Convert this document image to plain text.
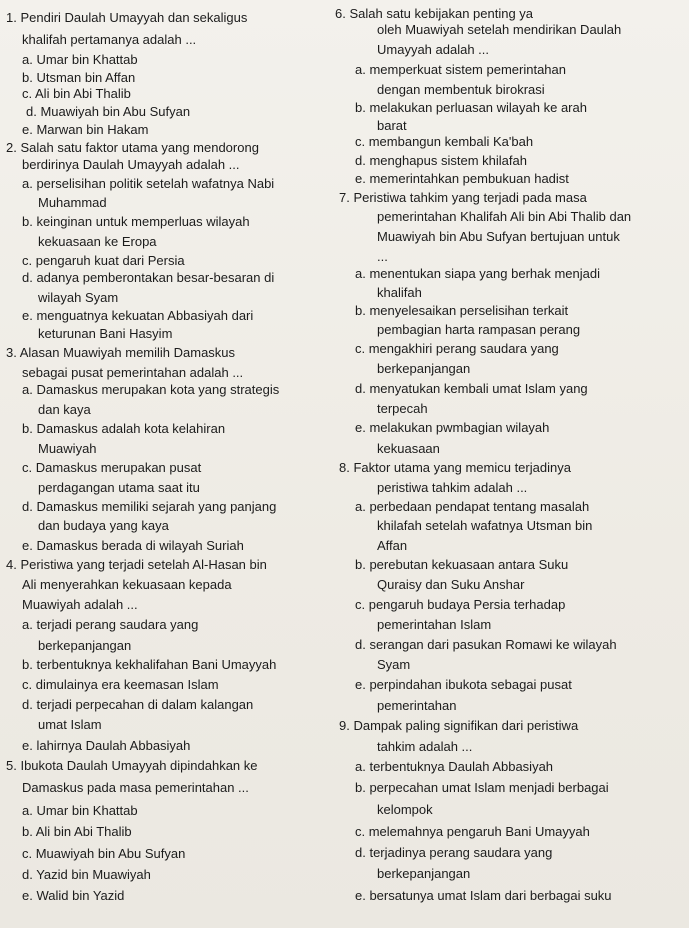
1. Pendiri Daulah Umayyah dan sekaligus
khalifah pertamanya adalah ...
a. Umar bin Khattab
b. Utsman bin Affan
c. Ali bin Abi Thalib
d. Muawiyah bin Abu Sufyan
e. Marwan bin Hakam
2. Salah satu faktor utama yang mendorong
berdirinya Daulah Umayyah adalah ...
a. perselisihan politik setelah wafatnya Nabi
Muhammad
b. keinginan untuk memperluas wilayah
kekuasaan ke Eropa
c. pengaruh kuat dari Persia
d. adanya pemberontakan besar-besaran di
wilayah Syam
e. menguatnya kekuatan Abbasiyah dari
keturunan Bani Hasyim
3. Alasan Muawiyah memilih Damaskus
sebagai pusat pemerintahan adalah ...
a. Damaskus merupakan kota yang strategis
dan kaya
b. Damaskus adalah kota kelahiran
Muawiyah
c. Damaskus merupakan pusat
perdagangan utama saat itu
d. Damaskus memiliki sejarah yang panjang
dan budaya yang kaya
e. Damaskus berada di wilayah Suriah
4. Peristiwa yang terjadi setelah Al-Hasan bin
Ali menyerahkan kekuasaan kepada
Muawiyah adalah ...
a. terjadi perang saudara yang
berkepanjangan
b. terbentuknya kekhalifahan Bani Umayyah
c. dimulainya era keemasan Islam
d. terjadi perpecahan di dalam kalangan
umat Islam
e. lahirnya Daulah Abbasiyah
5. Ibukota Daulah Umayyah dipindahkan ke
Damaskus pada masa pemerintahan ...
a. Umar bin Khattab
b. Ali bin Abi Thalib
c. Muawiyah bin Abu Sufyan
d. Yazid bin Muawiyah
e. Walid bin Yazid
6. Salah satu kebijakan penting ya
oleh Muawiyah setelah mendirikan Daulah
Umayyah adalah ...
a. memperkuat sistem pemerintahan
dengan membentuk birokrasi
b. melakukan perluasan wilayah ke arah
barat
c. membangun kembali Ka'bah
d. menghapus sistem khilafah
e. memerintahkan pembukuan hadist
7. Peristiwa tahkim yang terjadi pada masa
pemerintahan Khalifah Ali bin Abi Thalib dan
Muawiyah bin Abu Sufyan bertujuan untuk
...
a. menentukan siapa yang berhak menjadi
khalifah
b. menyelesaikan perselisihan terkait
pembagian harta rampasan perang
c. mengakhiri perang saudara yang
berkepanjangan
d. menyatukan kembali umat Islam yang
terpecah
e. melakukan pwmbagian wilayah
kekuasaan
8. Faktor utama yang memicu terjadinya
peristiwa tahkim adalah ...
a. perbedaan pendapat tentang masalah
khilafah setelah wafatnya Utsman bin
Affan
b. perebutan kekuasaan antara Suku
Quraisy dan Suku Anshar
c. pengaruh budaya Persia terhadap
pemerintahan Islam
d. serangan dari pasukan Romawi ke wilayah
Syam
e. perpindahan ibukota sebagai pusat
pemerintahan
9. Dampak paling signifikan dari peristiwa
tahkim adalah ...
a. terbentuknya Daulah Abbasiyah
b. perpecahan umat Islam menjadi berbagai
kelompok
c. melemahnya pengaruh Bani Umayyah
d. terjadinya perang saudara yang
berkepanjangan
e. bersatunya umat Islam dari berbagai suku
